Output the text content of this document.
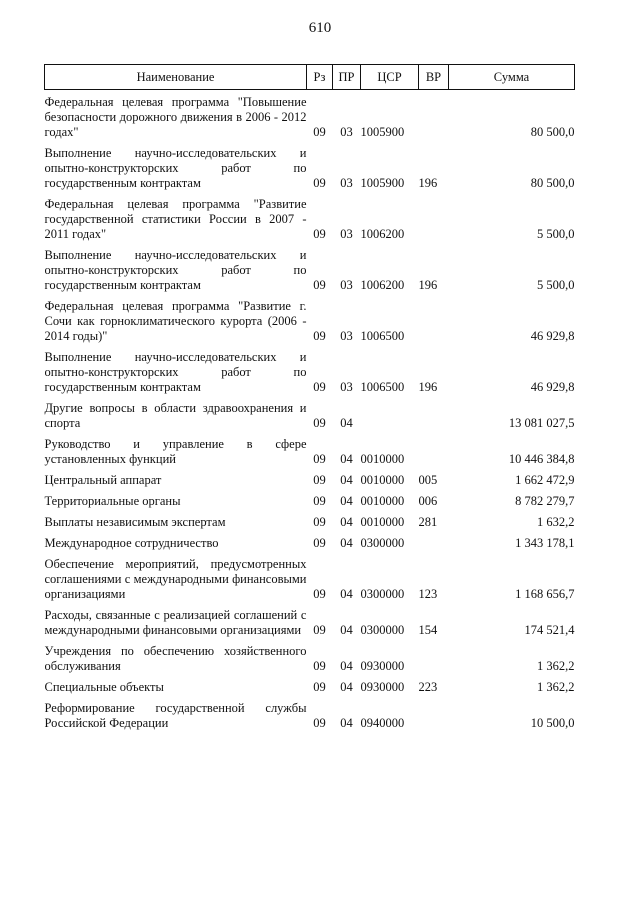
610
Наименование	Рз	ПР	ЦСР	ВР	Сумма
Федеральная целевая программа "Повышение безопасности дорожного движения в 2006 - 2012 годах"	09	03	1005900		80 500,0
Выполнение научно-исследовательских и опытно-конструкторских работ по государственным контрактам	09	03	1005900	196	80 500,0
Федеральная целевая программа "Развитие государственной статистики России в 2007 - 2011 годах"	09	03	1006200		5 500,0
Выполнение научно-исследовательских и опытно-конструкторских работ по государственным контрактам	09	03	1006200	196	5 500,0
Федеральная целевая программа "Развитие г. Сочи как горноклиматического курорта (2006 - 2014 годы)"	09	03	1006500		46 929,8
Выполнение научно-исследовательских и опытно-конструкторских работ по государственным контрактам	09	03	1006500	196	46 929,8
Другие вопросы в области здравоохранения и спорта	09	04			13 081 027,5
Руководство и управление в сфере установленных функций	09	04	0010000		10 446 384,8
Центральный аппарат	09	04	0010000	005	1 662 472,9
Территориальные органы	09	04	0010000	006	8 782 279,7
Выплаты независимым экспертам	09	04	0010000	281	1 632,2
Международное сотрудничество	09	04	0300000		1 343 178,1
Обеспечение мероприятий, предусмотренных соглашениями с международными финансовыми организациями	09	04	0300000	123	1 168 656,7
Расходы, связанные с реализацией соглашений с международными финансовыми организациями	09	04	0300000	154	174 521,4
Учреждения по обеспечению хозяйственного обслуживания	09	04	0930000		1 362,2
Специальные объекты	09	04	0930000	223	1 362,2
Реформирование государственной службы Российской Федерации	09	04	0940000		10 500,0
